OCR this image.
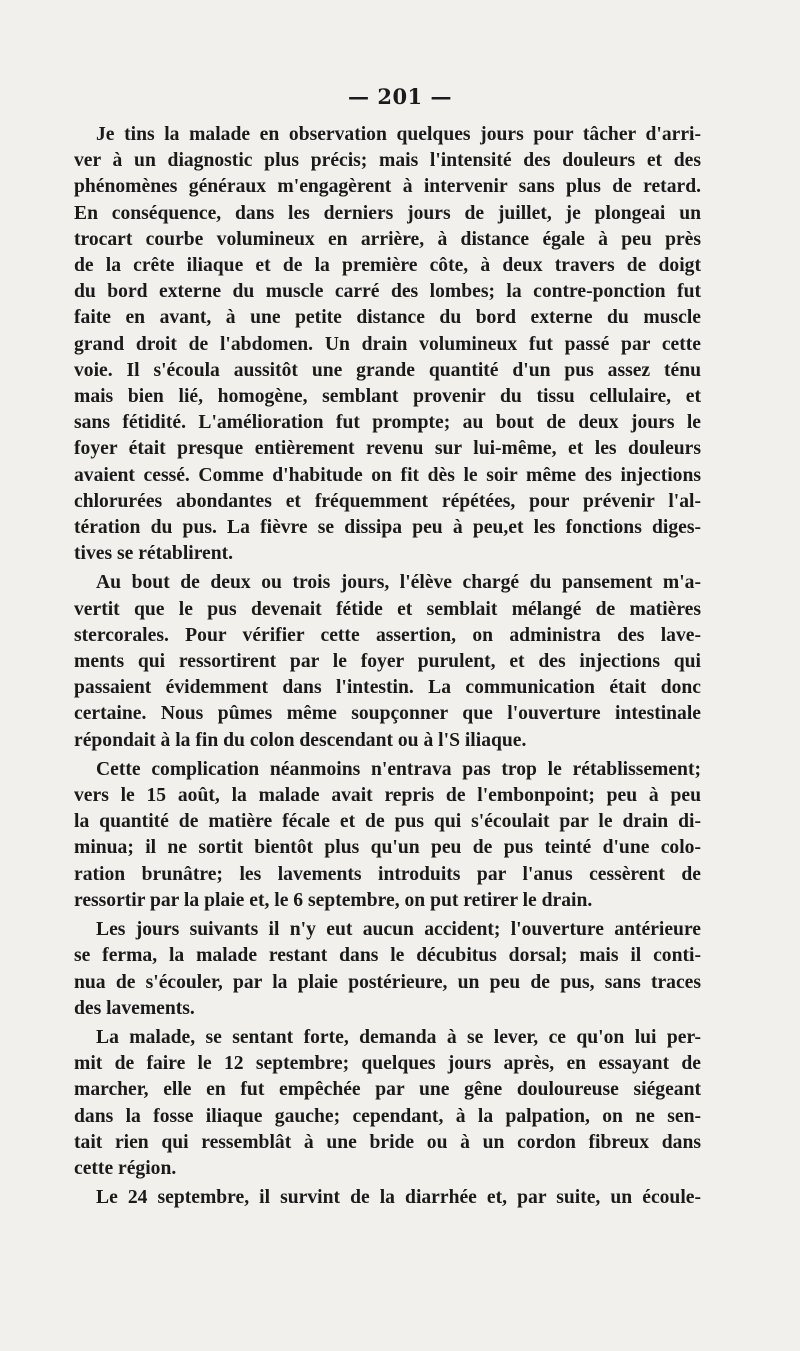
— 201 —
Je tins la malade en observation quelques jours pour tâcher d'arri-
ver à un diagnostic plus précis; mais l'intensité des douleurs et des
phénomènes généraux m'engagèrent à intervenir sans plus de retard.
En conséquence, dans les derniers jours de juillet, je plongeai un
trocart courbe volumineux en arrière, à distance égale à peu près
de la crête iliaque et de la première côte, à deux travers de doigt
du bord externe du muscle carré des lombes; la contre-ponction fut
faite en avant, à une petite distance du bord externe du muscle
grand droit de l'abdomen. Un drain volumineux fut passé par cette
voie. Il s'écoula aussitôt une grande quantité d'un pus assez ténu
mais bien lié, homogène, semblant provenir du tissu cellulaire, et
sans fétidité. L'amélioration fut prompte; au bout de deux jours le
foyer était presque entièrement revenu sur lui-même, et les douleurs
avaient cessé. Comme d'habitude on fit dès le soir même des injections
chlorurées abondantes et fréquemment répétées, pour prévenir l'al-
tération du pus. La fièvre se dissipa peu à peu,et les fonctions diges-
tives se rétablirent.
Au bout de deux ou trois jours, l'élève chargé du pansement m'a-
vertit que le pus devenait fétide et semblait mélangé de matières
stercorales. Pour vérifier cette assertion, on administra des lave-
ments qui ressortirent par le foyer purulent, et des injections qui
passaient évidemment dans l'intestin. La communication était donc
certaine. Nous pûmes même soupçonner que l'ouverture intestinale
répondait à la fin du colon descendant ou à l'S iliaque.
Cette complication néanmoins n'entrava pas trop le rétablissement;
vers le 15 août, la malade avait repris de l'embonpoint; peu à peu
la quantité de matière fécale et de pus qui s'écoulait par le drain di-
minua; il ne sortit bientôt plus qu'un peu de pus teinté d'une colo-
ration brunâtre; les lavements introduits par l'anus cessèrent de
ressortir par la plaie et, le 6 septembre, on put retirer le drain.
Les jours suivants il n'y eut aucun accident; l'ouverture antérieure
se ferma, la malade restant dans le décubitus dorsal; mais il conti-
nua de s'écouler, par la plaie postérieure, un peu de pus, sans traces
des lavements.
La malade, se sentant forte, demanda à se lever, ce qu'on lui per-
mit de faire le 12 septembre; quelques jours après, en essayant de
marcher, elle en fut empêchée par une gêne douloureuse siégeant
dans la fosse iliaque gauche; cependant, à la palpation, on ne sen-
tait rien qui ressemblât à une bride ou à un cordon fibreux dans
cette région.
Le 24 septembre, il survint de la diarrhée et, par suite, un écoule-
